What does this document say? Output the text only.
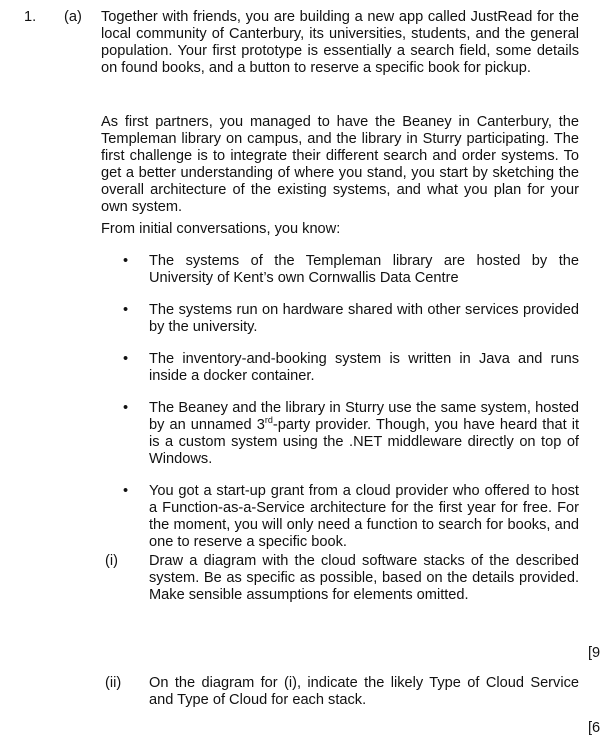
1. (a) Together with friends, you are building a new app called JustRead for the local community of Canterbury, its universities, students, and the general population. Your first prototype is essentially a search field, some details on found books, and a button to reserve a specific book for pickup.

As first partners, you managed to have the Beaney in Canterbury, the Templeman library on campus, and the library in Sturry participating. The first challenge is to integrate their different search and order systems. To get a better understanding of where you stand, you start by sketching the overall architecture of the existing systems, and what you plan for your own system.

From initial conversations, you know:

• The systems of the Templeman library are hosted by the University of Kent’s own Cornwallis Data Centre
• The systems run on hardware shared with other services provided by the university.
• The inventory-and-booking system is written in Java and runs inside a docker container.
• The Beaney and the library in Sturry use the same system, hosted by an unnamed 3rd-party provider. Though, you have heard that it is a custom system using the .NET middleware directly on top of Windows.
• You got a start-up grant from a cloud provider who offered to host a Function-as-a-Service architecture for the first year for free. For the moment, you will only need a function to search for books, and one to reserve a specific book.
(i) Draw a diagram with the cloud software stacks of the described system. Be as specific as possible, based on the details provided. Make sensible assumptions for elements omitted.
[9
(ii) On the diagram for (i), indicate the likely Type of Cloud Service and Type of Cloud for each stack.
[6
